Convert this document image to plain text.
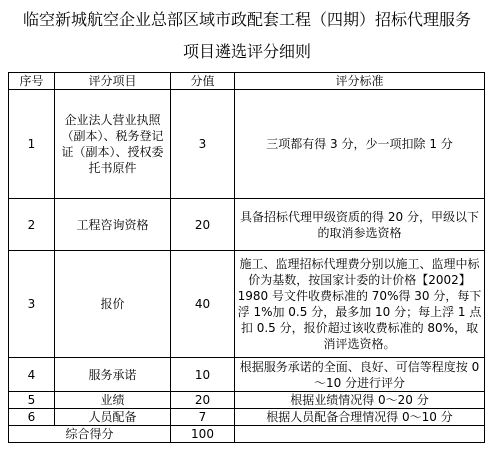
临空新城航空企业总部区域市政配套工程（四期）招标代理服务
项目遴选评分细则
序号	评分项目	分值	评分标准
1	企业法人营业执照（副本）、税务登记证（副本）、授权委托书原件	3	三项都有得 3 分，少一项扣除 1 分
2	工程咨询资格	20	具备招标代理甲级资质的得 20 分，甲级以下的取消参选资格
3	报价	40	施工、监理招标代理费分别以施工、监理中标价为基数，按国家计委的计价格【2002】1980 号文件收费标准的 70%得 30 分，每下浮 1%加 0.5 分，最多加 10 分；每上浮 1 点扣 0.5 分，报价超过该收费标准的 80%，取消评选资格。
4	服务承诺	10	根据服务承诺的全面、良好、可信等程度按 0～10 分进行评分
5	业绩	20	根据业绩情况得 0～20 分
6	人员配备	7	根据人员配备合理情况得 0～10 分
综合得分		100	
